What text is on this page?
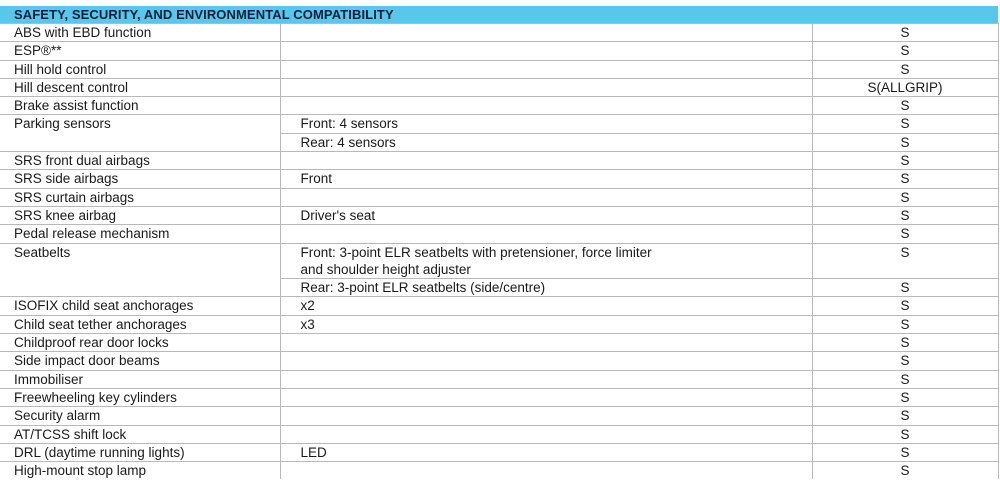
SAFETY, SECURITY, AND ENVIRONMENTAL COMPATIBILITY
ABS with EBD function		S
ESP®**		S
Hill hold control		S
Hill descent control		S(ALLGRIP)
Brake assist function		S
Parking sensors	Front: 4 sensors	S
	Rear: 4 sensors	S
SRS front dual airbags		S
SRS side airbags	Front	S
SRS curtain airbags		S
SRS knee airbag	Driver's seat	S
Pedal release mechanism		S
Seatbelts	Front: 3-point ELR seatbelts with pretensioner, force limiter	S
	and shoulder height adjuster	
	Rear: 3-point ELR seatbelts (side/centre)	S
ISOFIX child seat anchorages	x2	S
Child seat tether anchorages	x3	S
Childproof rear door locks		S
Side impact door beams		S
Immobiliser		S
Freewheeling key cylinders		S
Security alarm		S
AT/TCSS shift lock		S
DRL (daytime running lights)	LED	S
High-mount stop lamp		S
